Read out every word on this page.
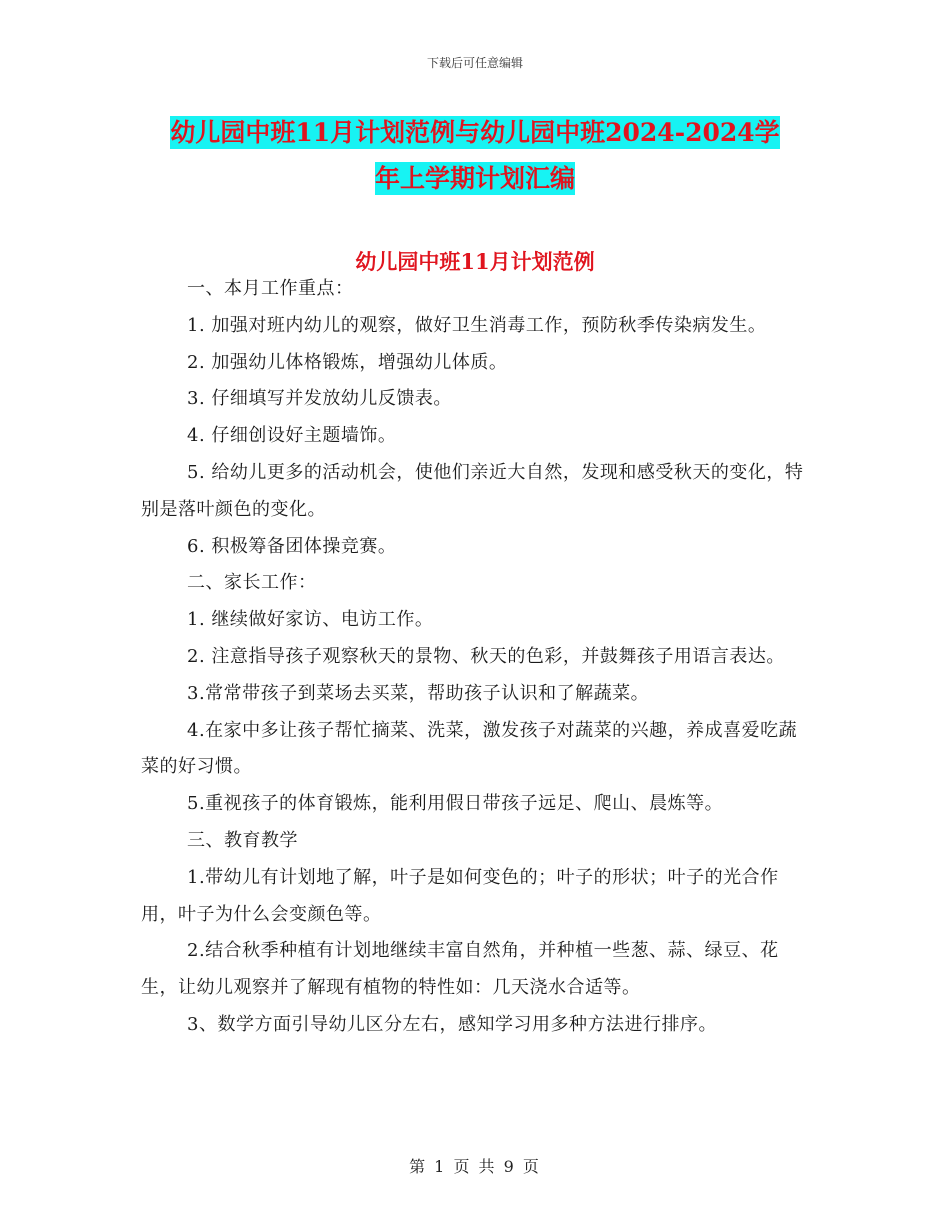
下载后可任意编辑
幼儿园中班11月计划范例与幼儿园中班2024-2024学
年上学期计划汇编
幼儿园中班11月计划范例

一、本月工作重点：

1. 加强对班内幼儿的观察，做好卫生消毒工作，预防秋季传染病发生。

2. 加强幼儿体格锻炼，增强幼儿体质。

3. 仔细填写并发放幼儿反馈表。

4. 仔细创设好主题墙饰。

5. 给幼儿更多的活动机会，使他们亲近大自然，发现和感受秋天的变化，特别是落叶颜色的变化。

6. 积极筹备团体操竞赛。

二、家长工作：

1. 继续做好家访、电访工作。

2. 注意指导孩子观察秋天的景物、秋天的色彩，并鼓舞孩子用语言表达。

3.常常带孩子到菜场去买菜，帮助孩子认识和了解蔬菜。

4.在家中多让孩子帮忙摘菜、洗菜，激发孩子对蔬菜的兴趣，养成喜爱吃蔬菜的好习惯。

5.重视孩子的体育锻炼，能利用假日带孩子远足、爬山、晨炼等。

三、教育教学

1.带幼儿有计划地了解，叶子是如何变色的；叶子的形状；叶子的光合作用，叶子为什么会变颜色等。

2.结合秋季种植有计划地继续丰富自然角，并种植一些葱、蒜、绿豆、花生，让幼儿观察并了解现有植物的特性如：几天浇水合适等。

3、数学方面引导幼儿区分左右，感知学习用多种方法进行排序。

第 1 页 共 9 页
